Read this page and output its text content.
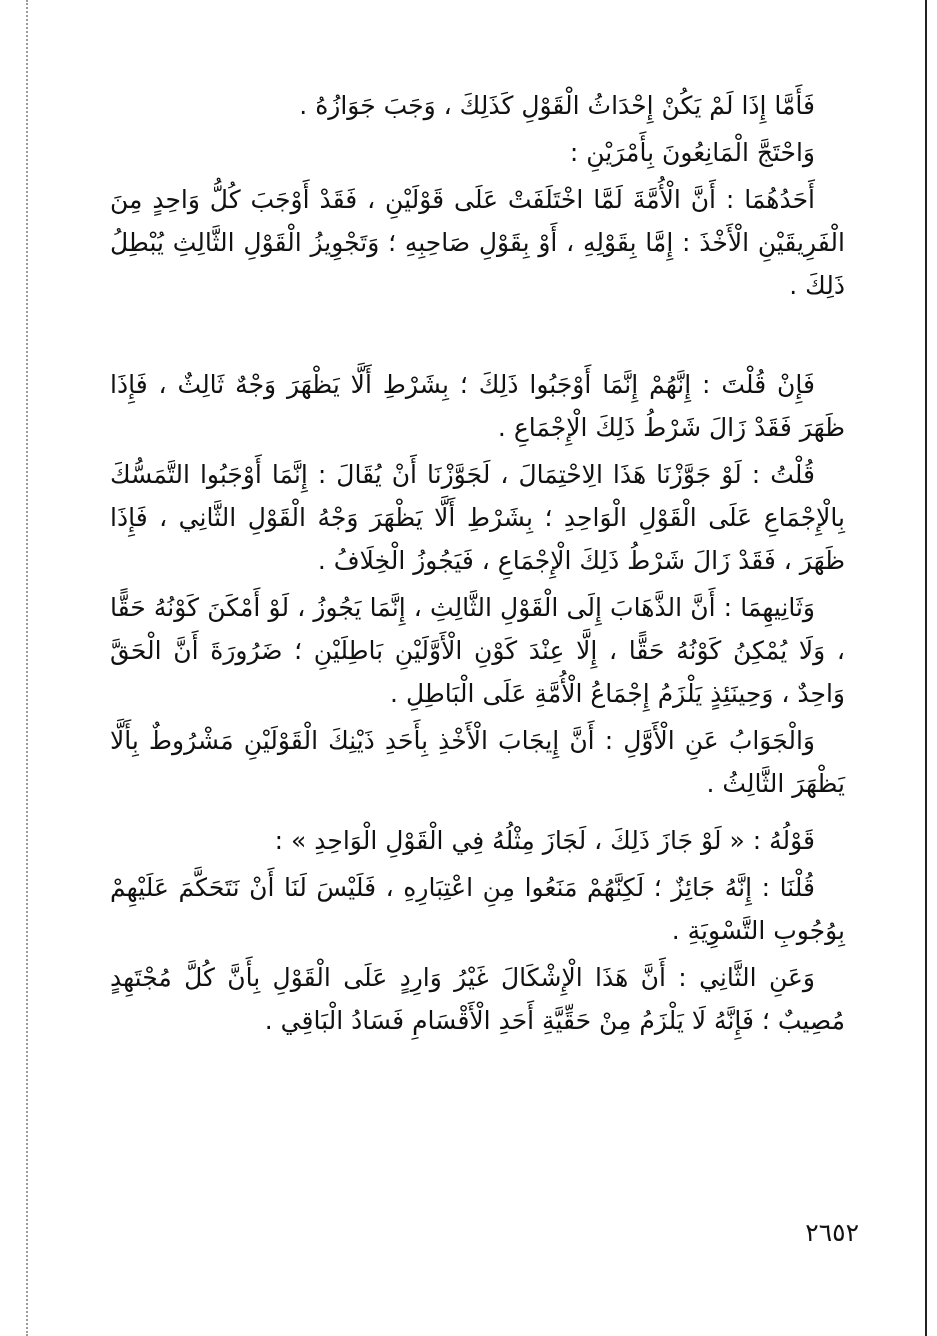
فَأَمَّا إِذَا لَمْ يَكُنْ إِحْدَاثُ الْقَوْلِ كَذَلِكَ ، وَجَبَ جَوَازُهُ .

وَاحْتَجَّ الْمَانِعُونَ بِأَمْرَيْنِ :

أَحَدُهُمَا : أَنَّ الْأُمَّةَ لَمَّا اخْتَلَفَتْ عَلَى قَوْلَيْنِ ، فَقَدْ أَوْجَبَ كُلُّ وَاحِدٍ مِنَ الْفَرِيقَيْنِ الْأَخْذَ : إِمَّا بِقَوْلِهِ ، أَوْ بِقَوْلِ صَاحِبِهِ ؛ وَتَجْوِيزُ الْقَوْلِ الثَّالِثِ يُبْطِلُ ذَلِكَ .

فَإِنْ قُلْتَ : إِنَّهُمْ إِنَّمَا أَوْجَبُوا ذَلِكَ ؛ بِشَرْطِ أَلَّا يَظْهَرَ وَجْهٌ ثَالِثٌ ، فَإِذَا ظَهَرَ فَقَدْ زَالَ شَرْطُ ذَلِكَ الْإِجْمَاعِ .

قُلْتُ : لَوْ جَوَّزْنَا هَذَا الِاحْتِمَالَ ، لَجَوَّزْنَا أَنْ يُقَالَ : إِنَّمَا أَوْجَبُوا التَّمَسُّكَ بِالْإِجْمَاعِ عَلَى الْقَوْلِ الْوَاحِدِ ؛ بِشَرْطِ أَلَّا يَظْهَرَ وَجْهُ الْقَوْلِ الثَّانِي ، فَإِذَا ظَهَرَ ، فَقَدْ زَالَ شَرْطُ ذَلِكَ الْإِجْمَاعِ ، فَيَجُوزُ الْخِلَافُ .

وَثَانِيهِمَا : أَنَّ الذَّهَابَ إِلَى الْقَوْلِ الثَّالِثِ ، إِنَّمَا يَجُوزُ ، لَوْ أَمْكَنَ كَوْنُهُ حَقًّا ، وَلَا يُمْكِنُ كَوْنُهُ حَقًّا ، إِلَّا عِنْدَ كَوْنِ الْأَوَّلَيْنِ بَاطِلَيْنِ ؛ ضَرُورَةَ أَنَّ الْحَقَّ وَاحِدٌ ، وَحِينَئِذٍ يَلْزَمُ إِجْمَاعُ الْأُمَّةِ عَلَى الْبَاطِلِ .

وَالْجَوَابُ عَنِ الْأَوَّلِ : أَنَّ إِيجَابَ الْأَخْذِ بِأَحَدِ ذَيْنِكَ الْقَوْلَيْنِ مَشْرُوطٌ بِأَلَّا يَظْهَرَ الثَّالِثُ .

قَوْلُهُ : « لَوْ جَازَ ذَلِكَ ، لَجَازَ مِثْلُهُ فِي الْقَوْلِ الْوَاحِدِ » :

قُلْنَا : إِنَّهُ جَائِزٌ ؛ لَكِنَّهُمْ مَنَعُوا مِنِ اعْتِبَارِهِ ، فَلَيْسَ لَنَا أَنْ نَتَحَكَّمَ عَلَيْهِمْ بِوُجُوبِ التَّسْوِيَةِ .

وَعَنِ الثَّانِي : أَنَّ هَذَا الْإِشْكَالَ غَيْرُ وَارِدٍ عَلَى الْقَوْلِ بِأَنَّ كُلَّ مُجْتَهِدٍ مُصِيبٌ ؛ فَإِنَّهُ لَا يَلْزَمُ مِنْ حَقِّيَّةِ أَحَدِ الْأَقْسَامِ فَسَادُ الْبَاقِي .

٢٦٥٢
